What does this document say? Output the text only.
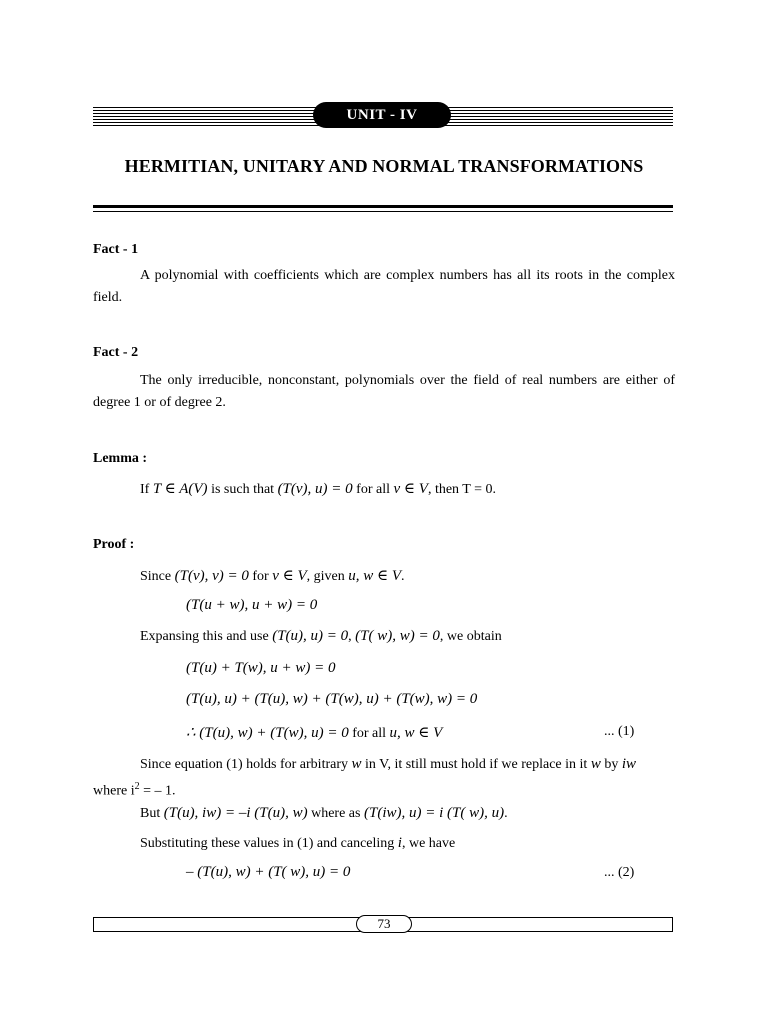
UNIT - IV
HERMITIAN, UNITARY AND NORMAL TRANSFORMATIONS
Fact - 1
A polynomial with coefficients which are complex numbers has all its roots in the complex field.
Fact - 2
The only irreducible, nonconstant, polynomials over the field of real numbers are either of degree 1 or of degree 2.
Lemma :
If T ∈ A(V) is such that (T(v), u) = 0 for all v ∈ V, then T = 0.
Proof :
Since (T(v), v) = 0 for v ∈ V, given u, w ∈ V.
(T(u + w), u + w) = 0
Expansing this and use (T(u), u) = 0, (T( w), w) = 0, we obtain
(T(u) + T(w), u + w) = 0
(T(u), u) + (T(u), w) + (T(w), u) + (T(w), w) = 0
∴ (T(u), w) + (T(w), u) = 0 for all u, w ∈ V	... (1)
Since equation (1) holds for arbitrary w in V, it still must hold if we replace in it w by iw
where $i^2$ = – 1.
But (T(u), iw) = –i (T(u), w) where as (T(iw), u) = i (T( w), u).
Substituting these values in (1) and canceling i, we have
– (T(u), w) + (T( w), u) = 0	... (2)
73
